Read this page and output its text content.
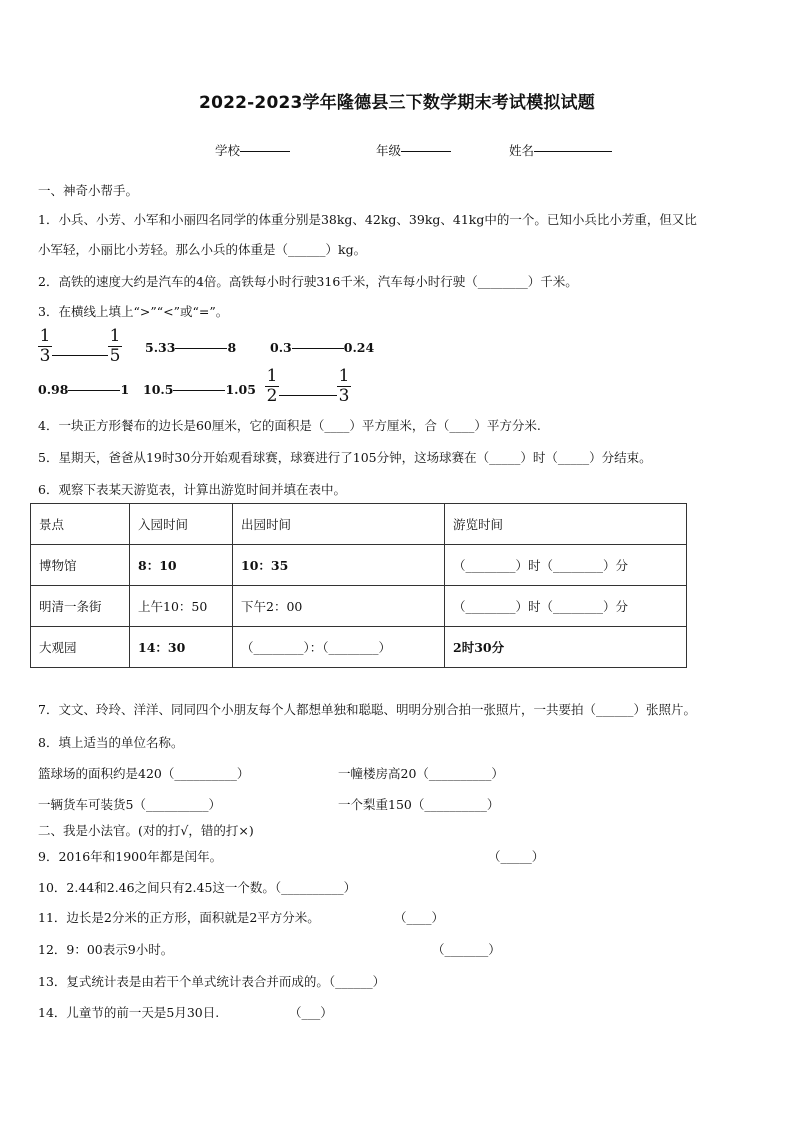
2022-2023学年隆德县三下数学期末考试模拟试题
学校	年级	姓名
一、神奇小帮手。
1．小兵、小芳、小军和小丽四名同学的体重分别是38kg、42kg、39kg、41kg中的一个。已知小兵比小芳重，但又比
小军轻，小丽比小芳轻。那么小兵的体重是（______）kg。
2．高铁的速度大约是汽车的4倍。高铁每小时行驶316千米，汽车每小时行驶（________）千米。
3．在横线上填上“>”“<”或“=”。
$\frac{1}{3}$	$\frac{1}{5} 5.33$	8	0.3	0.24
0.98	1 10.5	$1.05 \frac{1}{2}$	$\frac{1}{3}$
4．一块正方形餐布的边长是60厘米，它的面积是（____）平方厘米，合（____）平方分米.
5．星期天，爸爸从19时30分开始观看球赛，球赛进行了105分钟，这场球赛在（_____）时（_____）分结束。
6．观察下表某天游览表，计算出游览时间并填在表中。
景点	入园时间	出园时间	游览时间
博物馆	8：10	10：35	（________）时（________）分
明清一条街	上午10：50	下午2：00	（________）时（________）分
大观园	14：30	（________）：（________）	2时30分
7．文文、玲玲、洋洋、同同四个小朋友每个人都想单独和聪聪、明明分别合拍一张照片，一共要拍（______）张照片。
8．填上适当的单位名称。
篮球场的面积约是420（__________）	一幢楼房高20（__________）
一辆货车可装货5（__________）	一个梨重150（__________）
二、我是小法官。(对的打√，错的打×)
9．2016年和1900年都是闰年。	（_____）
10．2.44和2.46之间只有2.45这一个数。（__________）
11．边长是2分米的正方形，面积就是2平方分米。	（____）
12．9：00表示9小时。	（_______）
13．复式统计表是由若干个单式统计表合并而成的。（______）
14．儿童节的前一天是5月30日.	（___）
